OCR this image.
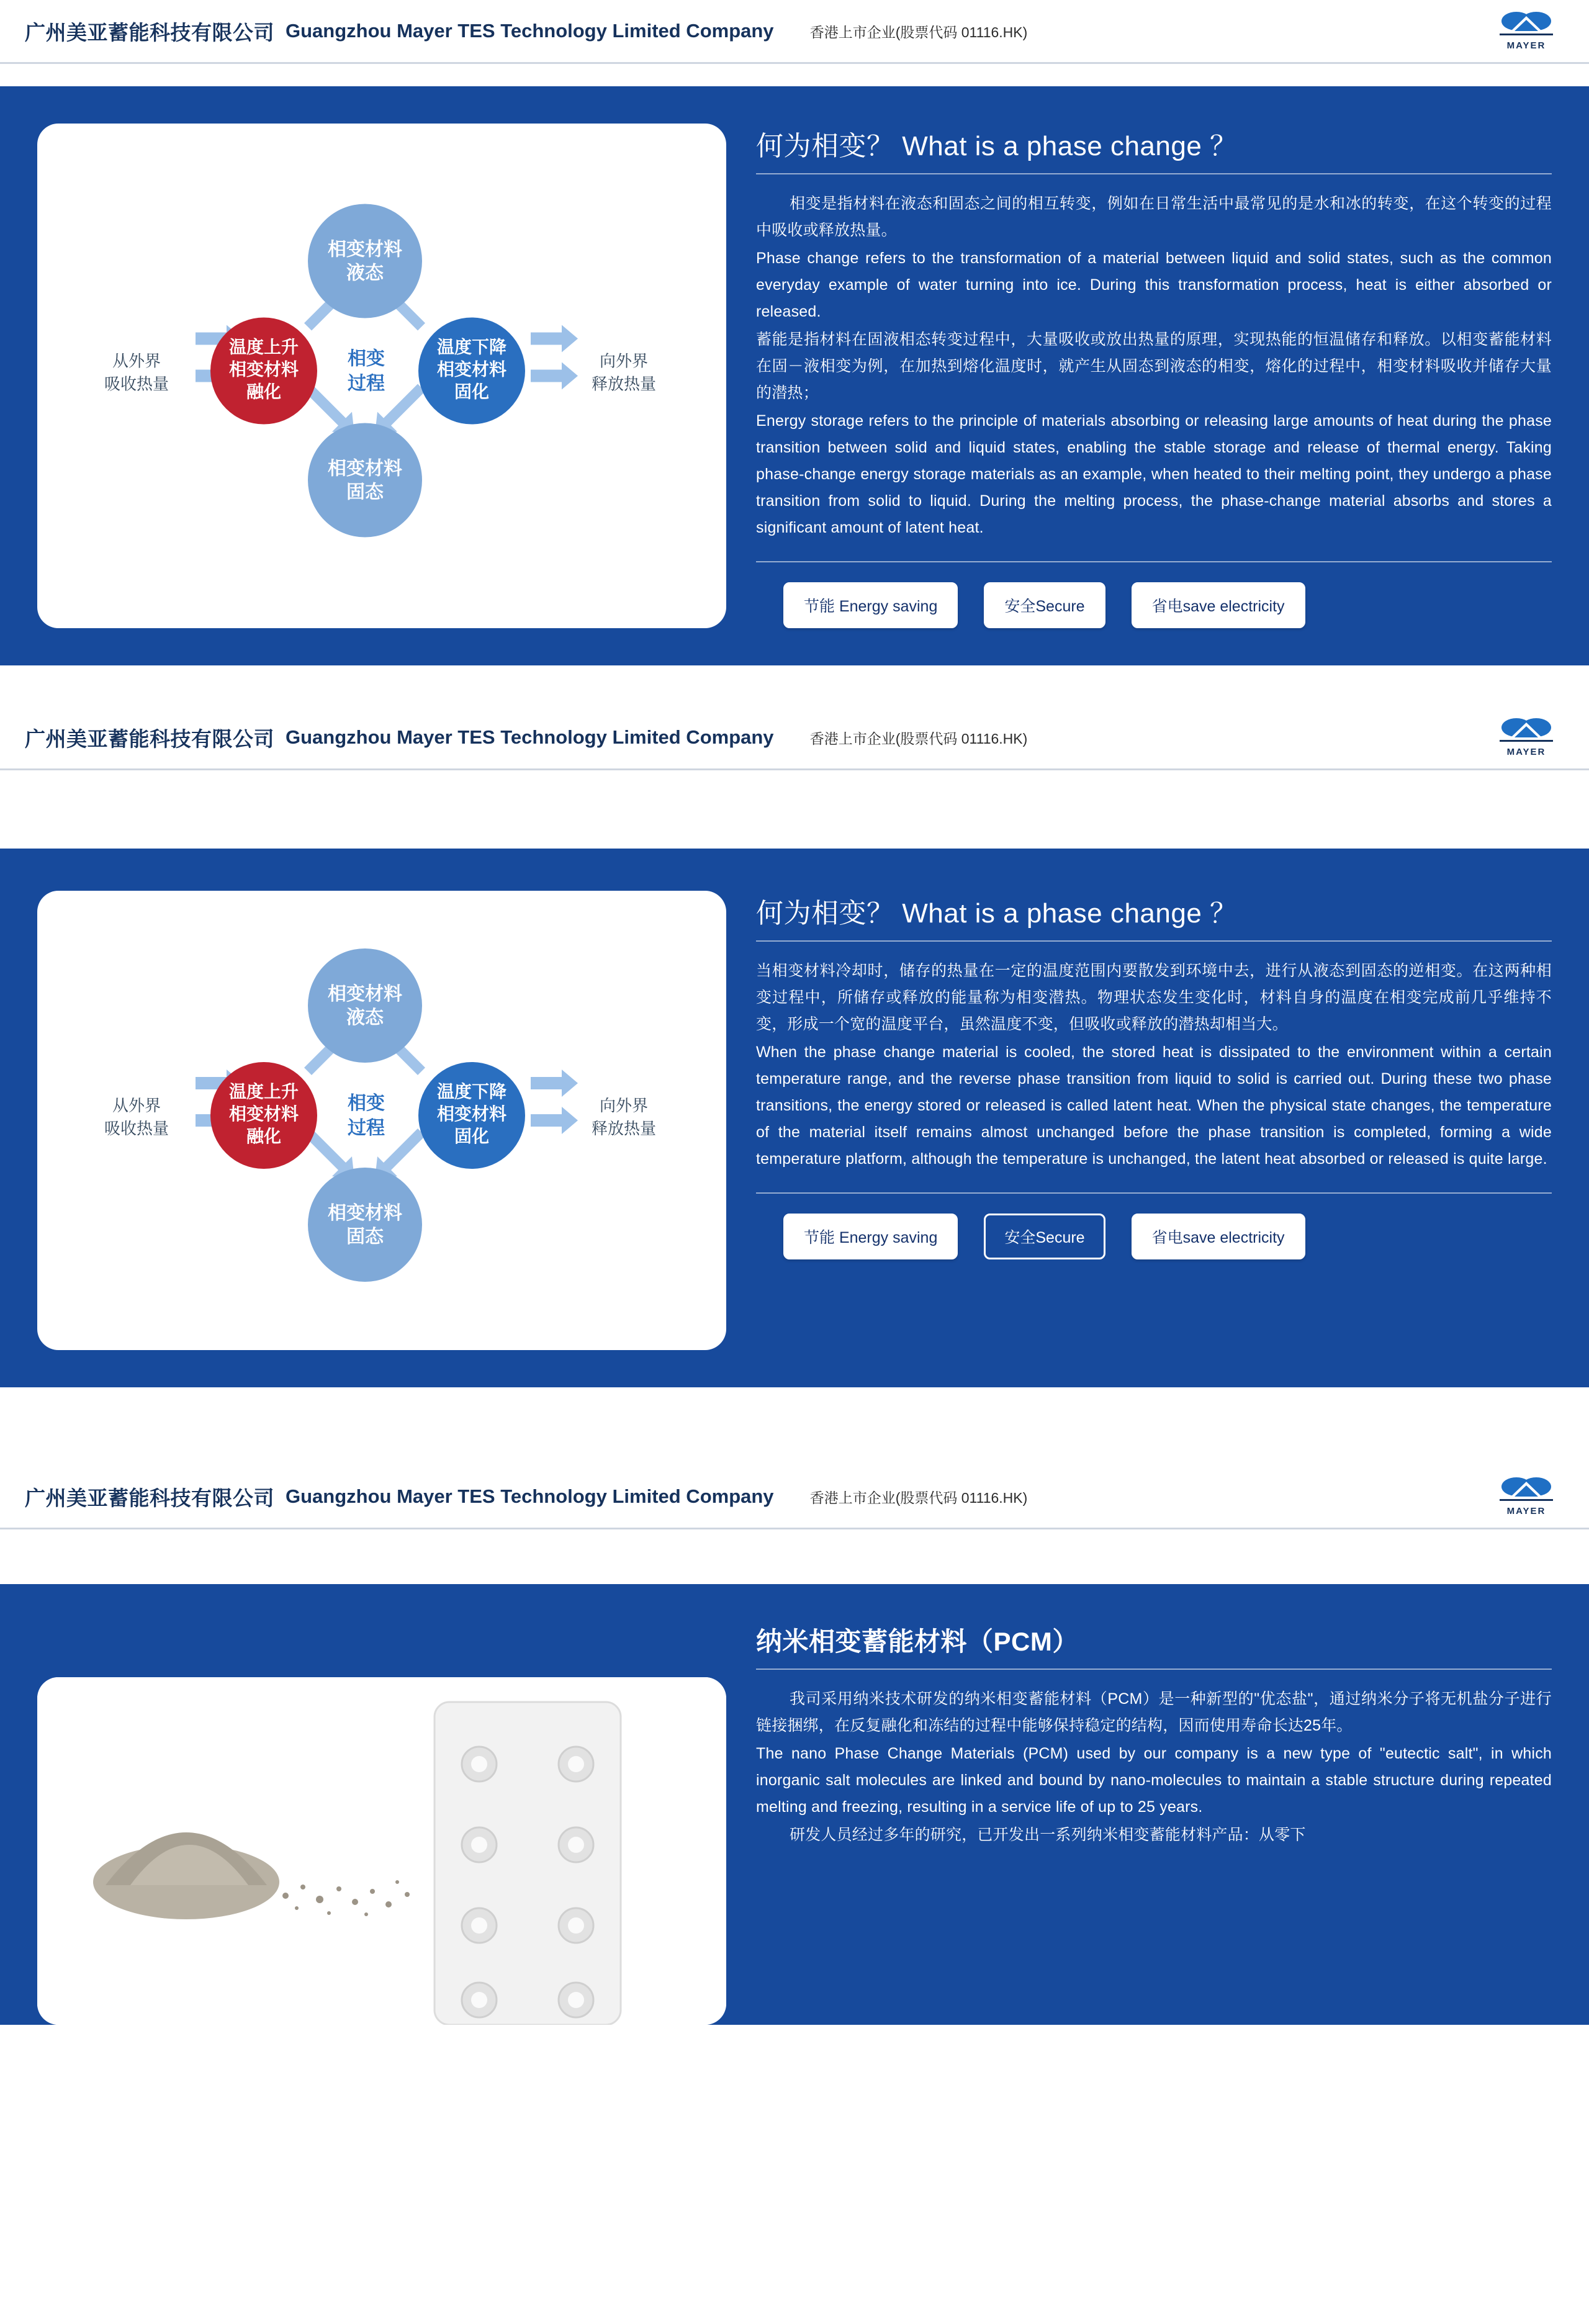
广州美亚蓄能科技有限公司 Guangzhou Mayer TES Technology Limited Company	香港上市企业(股票代码 01116.HK)
MAYER
相变材料
液态
相变材料
固态
温度上升
相变材料
融化
温度下降
相变材料
固化
相变
过程
从外界
吸收热量
向外界
释放热量
何为相变？ What is a phase change ？

相变是指材料在液态和固态之间的相互转变，例如在日常生活中最常见的是水和冰的转变，在这个转变的过程中吸收或释放热量。

Phase change refers to the transformation of a material between liquid and solid states, such as the common everyday example of water turning into ice. During this transformation process, heat is either absorbed or released.

蓄能是指材料在固液相态转变过程中，大量吸收或放出热量的原理，实现热能的恒温储存和释放。以相变蓄能材料在固－液相变为例，在加热到熔化温度时，就产生从固态到液态的相变，熔化的过程中，相变材料吸收并储存大量的潜热；

Energy storage refers to the principle of materials absorbing or releasing large amounts of heat during the phase transition between solid and liquid states, enabling the stable storage and release of thermal energy. Taking phase-change energy storage materials as an example, when heated to their melting point, they undergo a phase transition from solid to liquid. During the melting process, the phase-change material absorbs and stores a significant amount of latent heat.

节能 Energy saving	安全Secure	省电save electricity
广州美亚蓄能科技有限公司 Guangzhou Mayer TES Technology Limited Company	香港上市企业(股票代码 01116.HK)
MAYER
相变材料
液态
相变材料
固态
温度上升
相变材料
融化
温度下降
相变材料
固化
相变
过程
从外界
吸收热量
向外界
释放热量
何为相变？ What is a phase change ？

当相变材料冷却时，储存的热量在一定的温度范围内要散发到环境中去，进行从液态到固态的逆相变。在这两种相变过程中，所储存或释放的能量称为相变潜热。物理状态发生变化时，材料自身的温度在相变完成前几乎维持不变，形成一个宽的温度平台，虽然温度不变，但吸收或释放的潜热却相当大。

When the phase change material is cooled, the stored heat is dissipated to the environment within a certain temperature range, and the reverse phase transition from liquid to solid is carried out. During these two phase transitions, the energy stored or released is called latent heat. When the physical state changes, the temperature of the material itself remains almost unchanged before the phase transition is completed, forming a wide temperature platform, although the temperature is unchanged, the latent heat absorbed or released is quite large.

节能 Energy saving	安全Secure	省电save electricity
广州美亚蓄能科技有限公司 Guangzhou Mayer TES Technology Limited Company	香港上市企业(股票代码 01116.HK)
MAYER
纳米相变蓄能材料（PCM）

我司采用纳米技术研发的纳米相变蓄能材料（PCM）是一种新型的"优态盐"，通过纳米分子将无机盐分子进行链接捆绑，在反复融化和冻结的过程中能够保持稳定的结构，因而使用寿命长达25年。

The nano Phase Change Materials (PCM) used by our company is a new type of "eutectic salt", in which inorganic salt molecules are linked and bound by nano-molecules to maintain a stable structure during repeated melting and freezing, resulting in a service life of up to 25 years.

研发人员经过多年的研究，已开发出一系列纳米相变蓄能材料产品：从零下
